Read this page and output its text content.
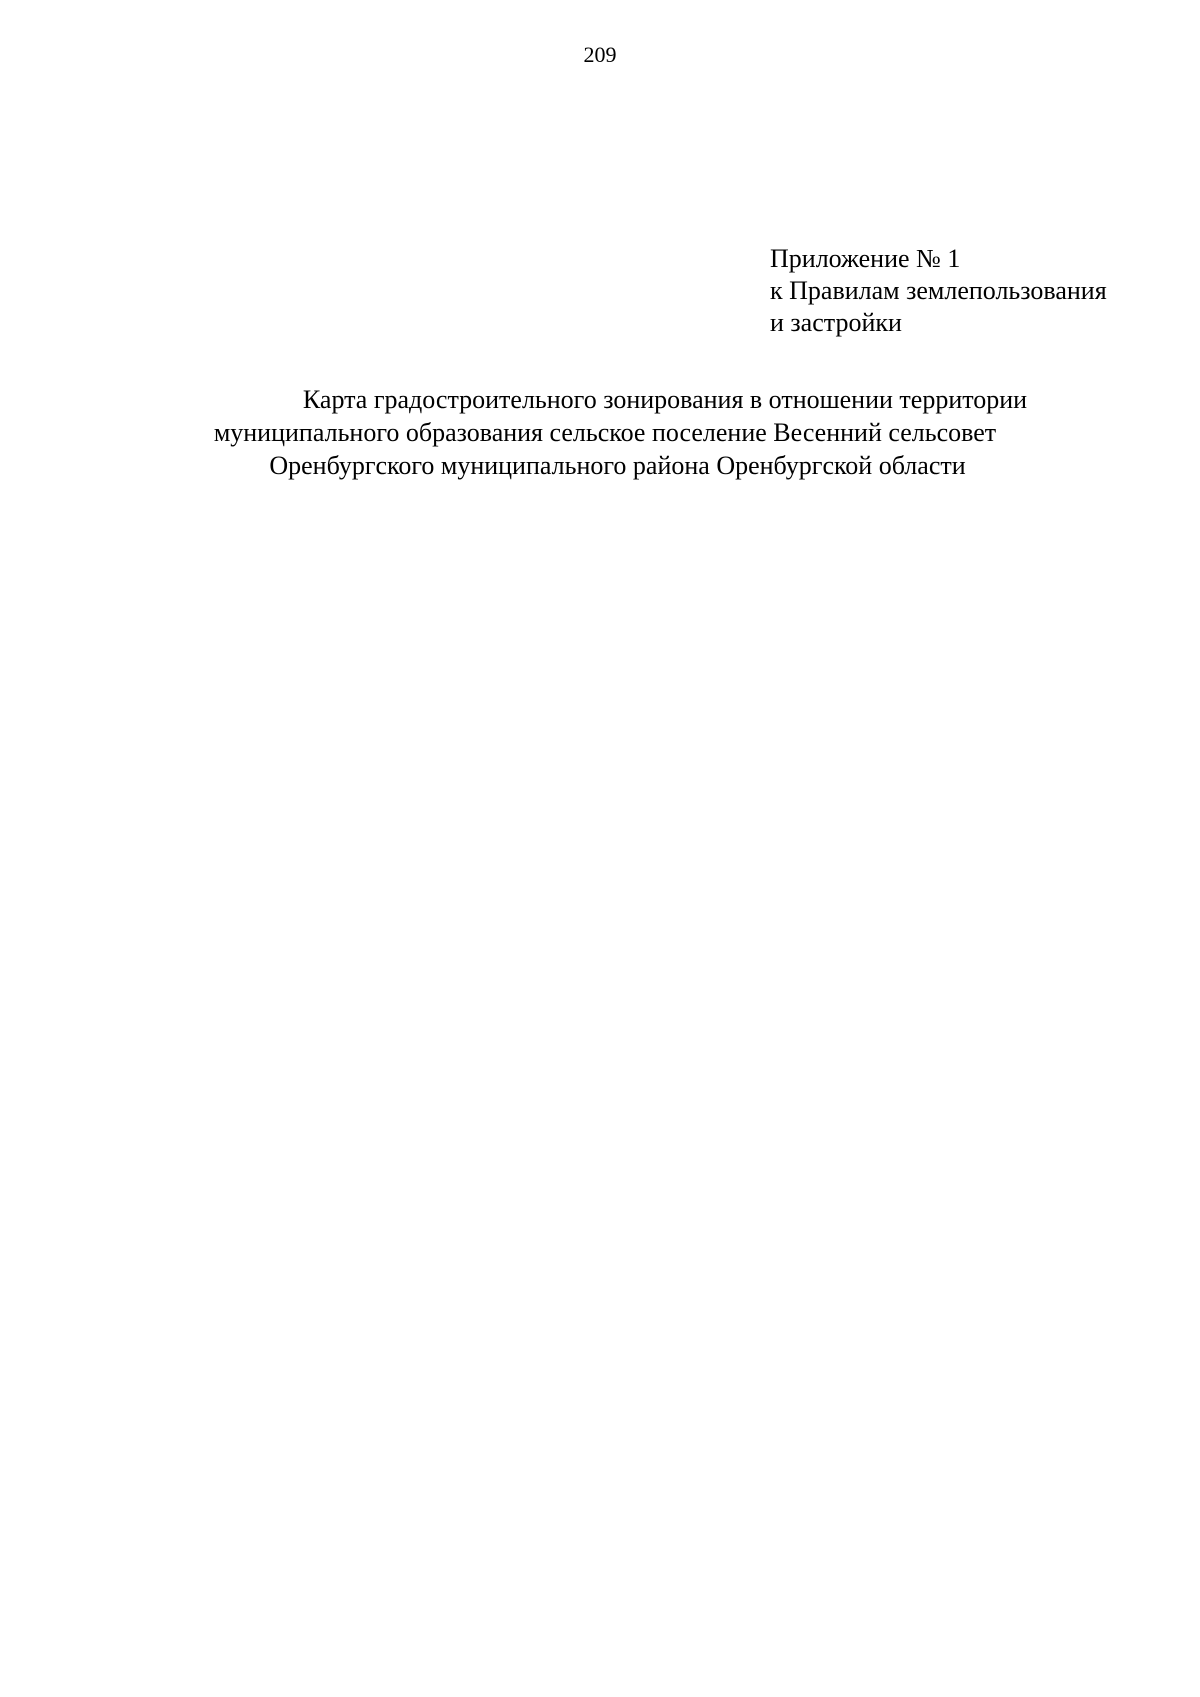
209
Приложение № 1
к Правилам землепользования
и застройки
Карта градостроительного зонирования в отношении территории
муниципального образования сельское поселение Весенний сельсовет
Оренбургского муниципального района Оренбургской области
